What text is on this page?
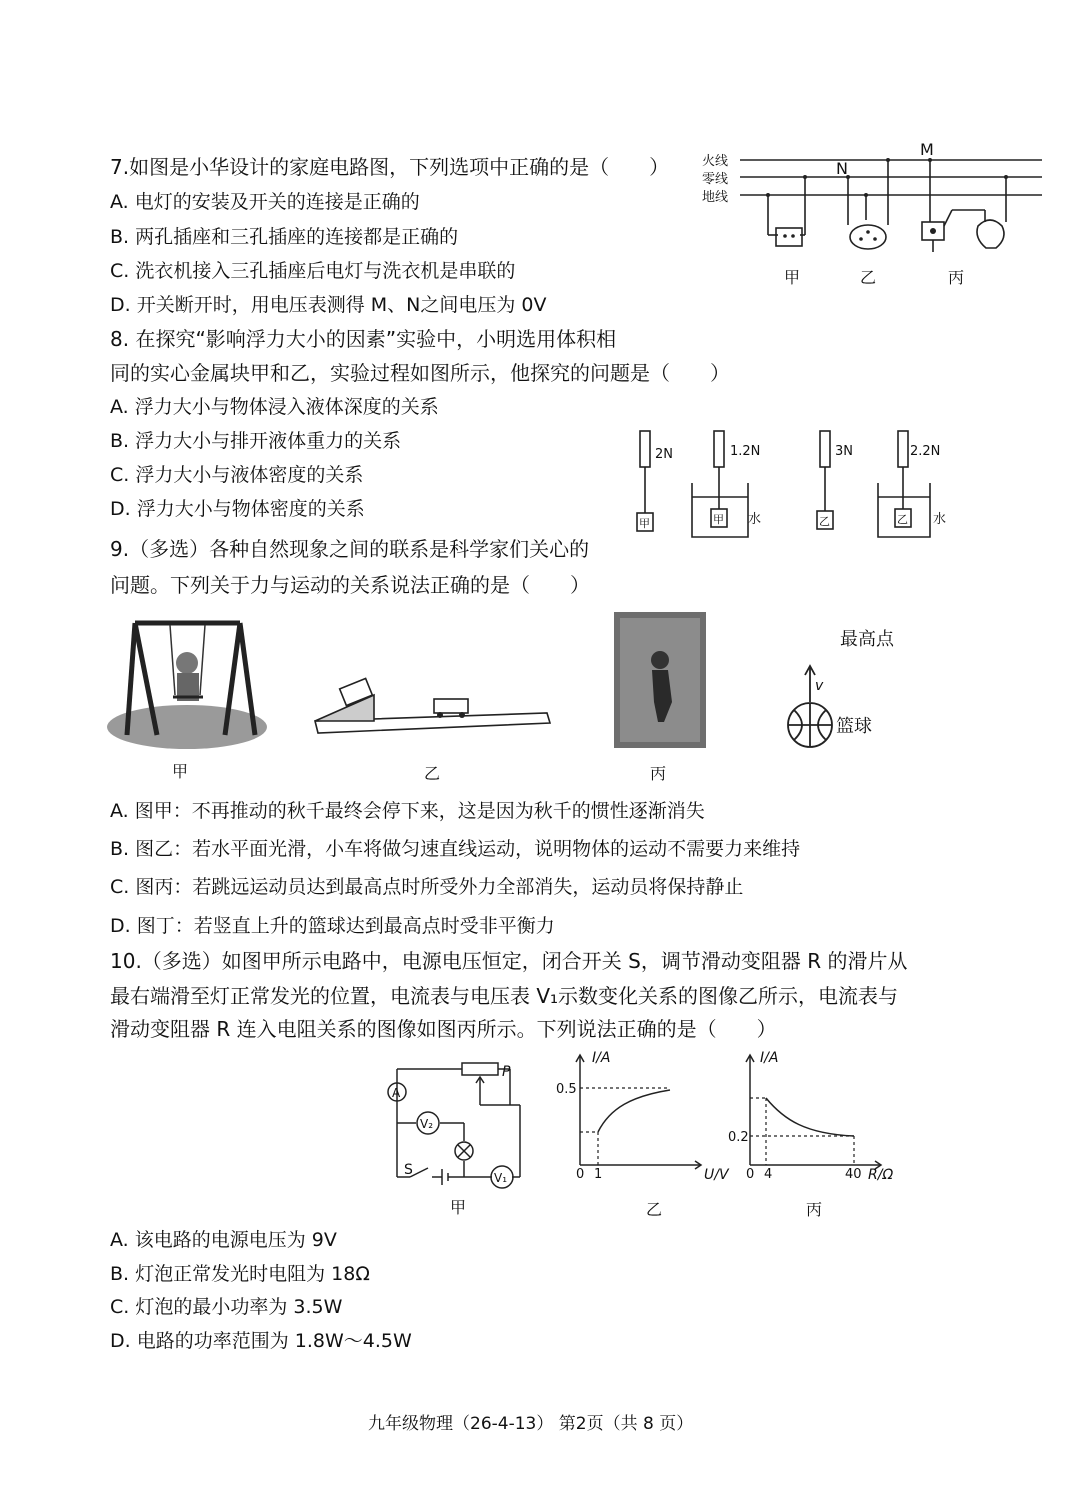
7.如图是小华设计的家庭电路图，下列选项中正确的是（　　）
A. 电灯的安装及开关的连接是正确的
B. 两孔插座和三孔插座的连接都是正确的
C. 洗衣机接入三孔插座后电灯与洗衣机是串联的
D. 开关断开时，用电压表测得 M、N之间电压为 0V
火线
零线
地线
M
N
甲	乙	丙
8. 在探究“影响浮力大小的因素”实验中，小明选用体积相
同的实心金属块甲和乙，实验过程如图所示，他探究的问题是（　　）
A. 浮力大小与物体浸入液体深度的关系
B. 浮力大小与排开液体重力的关系
C. 浮力大小与液体密度的关系
D. 浮力大小与物体密度的关系
2N	1.2N	3N	2.2N
水	水
甲	甲	乙	乙
9.（多选）各种自然现象之间的联系是科学家们关心的
问题。下列关于力与运动的关系说法正确的是（　　）
最高点
v
篮球
甲	乙	丙
A. 图甲：不再推动的秋千最终会停下来，这是因为秋千的惯性逐渐消失
B. 图乙：若水平面光滑，小车将做匀速直线运动，说明物体的运动不需要力来维持
C. 图丙：若跳远运动员达到最高点时所受外力全部消失，运动员将保持静止
D. 图丁：若竖直上升的篮球达到最高点时受非平衡力
10.（多选）如图甲所示电路中，电源电压恒定，闭合开关 S，调节滑动变阻器 R 的滑片从
最右端滑至灯正常发光的位置，电流表与电压表 V₁示数变化关系的图像乙所示，电流表与
滑动变阻器 R 连入电阻关系的图像如图丙所示。下列说法正确的是（　　）
A
V₂
V₁
S
P
甲
I/A
0.5
0 1	U/V
乙
I/A
0.2
0 4	40 R/Ω
丙
A. 该电路的电源电压为 9V
B. 灯泡正常发光时电阻为 18Ω
C. 灯泡的最小功率为 3.5W
D. 电路的功率范围为 1.8W～4.5W
九年级物理（26-4-13） 第2页（共 8 页）
